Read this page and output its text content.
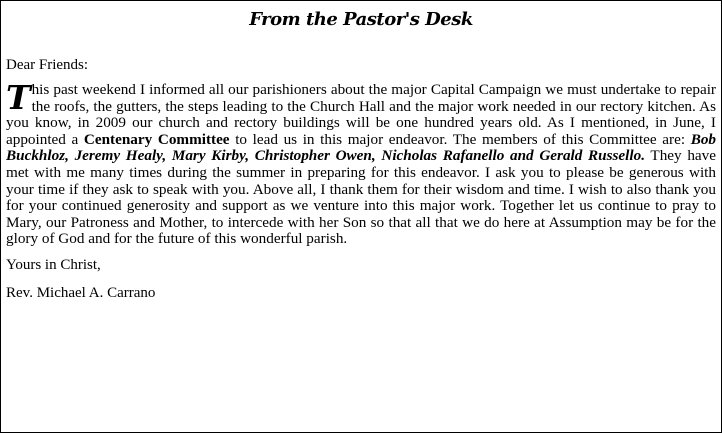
From the Pastor's Desk
Dear Friends:

This past weekend I informed all our parishioners about the major Capital Campaign we must undertake to repair the roofs, the gutters, the steps leading to the Church Hall and the major work needed in our rectory kitchen. As you know, in 2009 our church and rectory buildings will be one hundred years old. As I mentioned, in June, I appointed a Centenary Committee to lead us in this major endeavor. The members of this Committee are: Bob Buckhloz, Jeremy Healy, Mary Kirby, Christopher Owen, Nicholas Rafanello and Gerald Russello. They have met with me many times during the summer in preparing for this endeavor. I ask you to please be generous with your time if they ask to speak with you. Above all, I thank them for their wisdom and time. I wish to also thank you for your continued generosity and support as we venture into this major work. Together let us continue to pray to Mary, our Patroness and Mother, to intercede with her Son so that all that we do here at Assumption may be for the glory of God and for the future of this wonderful parish.

Yours in Christ,
Rev. Michael A. Carrano
